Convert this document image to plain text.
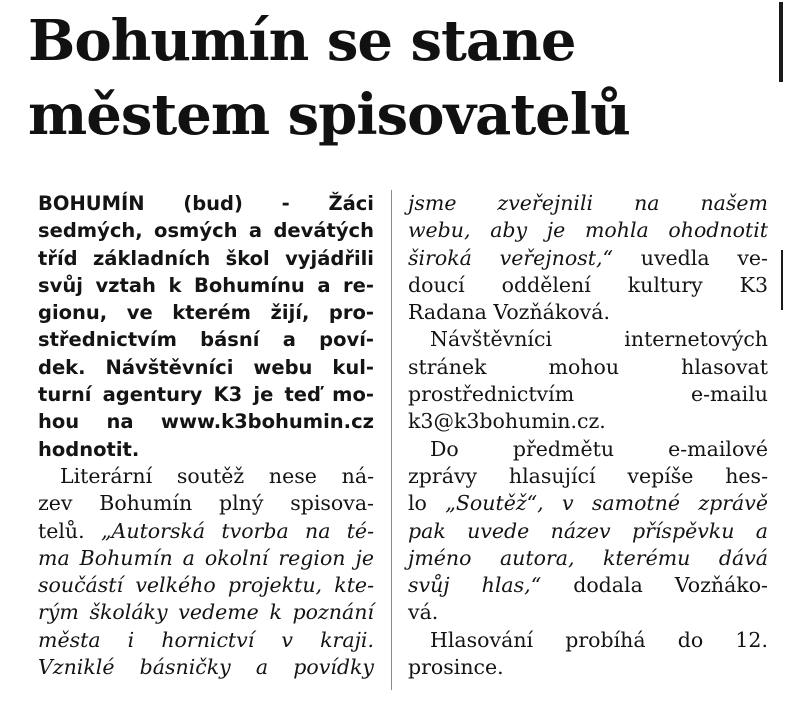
Bohumín se stane
městem spisovatelů
BOHUMÍN (bud) - Žáci
sedmých, osmých a devátých
tříd základních škol vyjádřili
svůj vztah k Bohumínu a re-
gionu, ve kterém žijí, pro-
střednictvím básní a poví-
dek. Návštěvníci webu kul-
turní agentury K3 je teď mo-
hou na www.k3bohumin.cz
hodnotit.
Literární soutěž nese ná-
zev Bohumín plný spisova-
telů. „Autorská tvorba na té-
ma Bohumín a okolní region je
součástí velkého projektu, kte-
rým školáky vedeme k poznání
města i hornictví v kraji.
Vzniklé básničky a povídky
jsme zveřejnili na našem
webu, aby je mohla ohodnotit
široká veřejnost,“ uvedla ve-
doucí oddělení kultury K3
Radana Vozňáková.
Návštěvníci internetových
stránek mohou hlasovat
prostřednictvím e-mailu
k3@k3bohumin.cz.
Do předmětu e-mailové
zprávy hlasující vepíše hes-
lo „Soutěž“, v samotné zprávě
pak uvede název příspěvku a
jméno autora, kterému dává
svůj hlas,“ dodala Vozňáko-
vá.
Hlasování probíhá do 12.
prosince.
